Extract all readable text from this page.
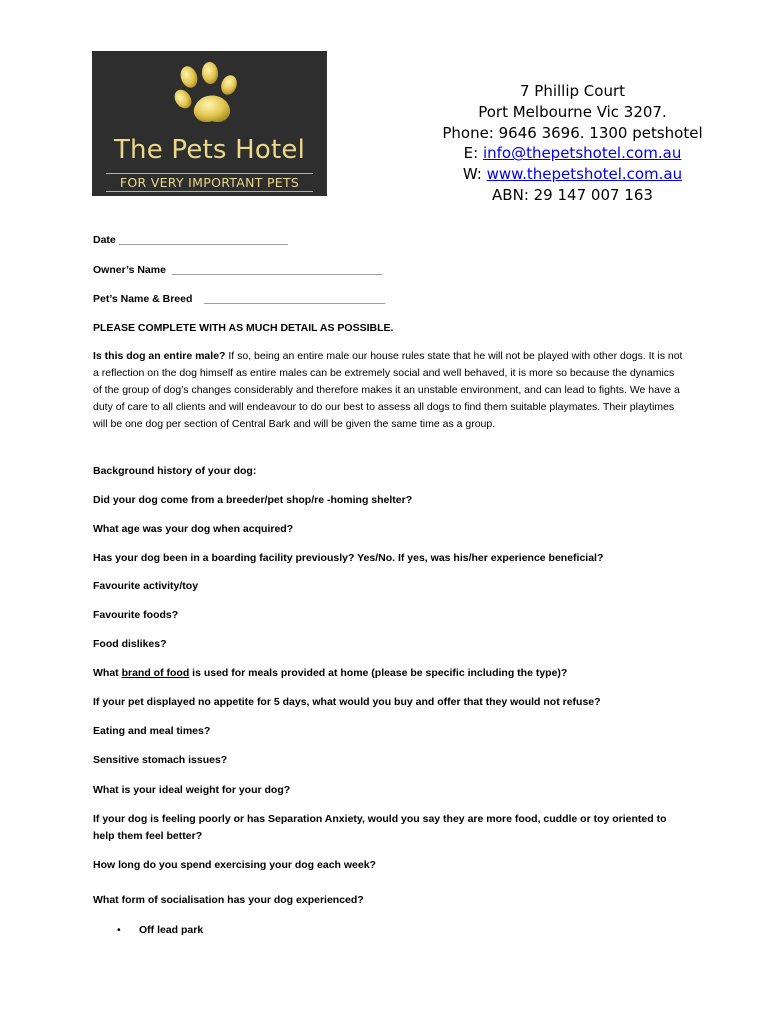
The Pets Hotel
FOR VERY IMPORTANT PETS
7 Phillip Court
Port Melbourne Vic 3207.
Phone: 9646 3696. 1300 petshotel
E: info@thepetshotel.com.au
W: www.thepetshotel.com.au
ABN: 29 147 007 163
Date _____________________________
Owner’s Name  ____________________________________
Pet’s Name & Breed    _______________________________
PLEASE COMPLETE WITH AS MUCH DETAIL AS POSSIBLE.
Is this dog an entire male? If so, being an entire male our house rules state that he will not be played with other dogs. It is not a reflection on the dog himself as entire males can be extremely social and well behaved, it is more so because the dynamics of the group of dog’s changes considerably and therefore makes it an unstable environment, and can lead to fights. We have a duty of care to all clients and will endeavour to do our best to assess all dogs to find them suitable playmates. Their playtimes will be one dog per section of Central Bark and will be given the same time as a group.
Background history of your dog:
Did your dog come from a breeder/pet shop/re -homing shelter?
What age was your dog when acquired?
Has your dog been in a boarding facility previously? Yes/No. If yes, was his/her experience beneficial?
Favourite activity/toy
Favourite foods?
Food dislikes?
What brand of food is used for meals provided at home (please be specific including the type)?
If your pet displayed no appetite for 5 days, what would you buy and offer that they would not refuse?
Eating and meal times?
Sensitive stomach issues?
What is your ideal weight for your dog?
If your dog is feeling poorly or has Separation Anxiety, would you say they are more food, cuddle or toy oriented to help them feel better?
How long do you spend exercising your dog each week?
What form of socialisation has your dog experienced?
• Off lead park
